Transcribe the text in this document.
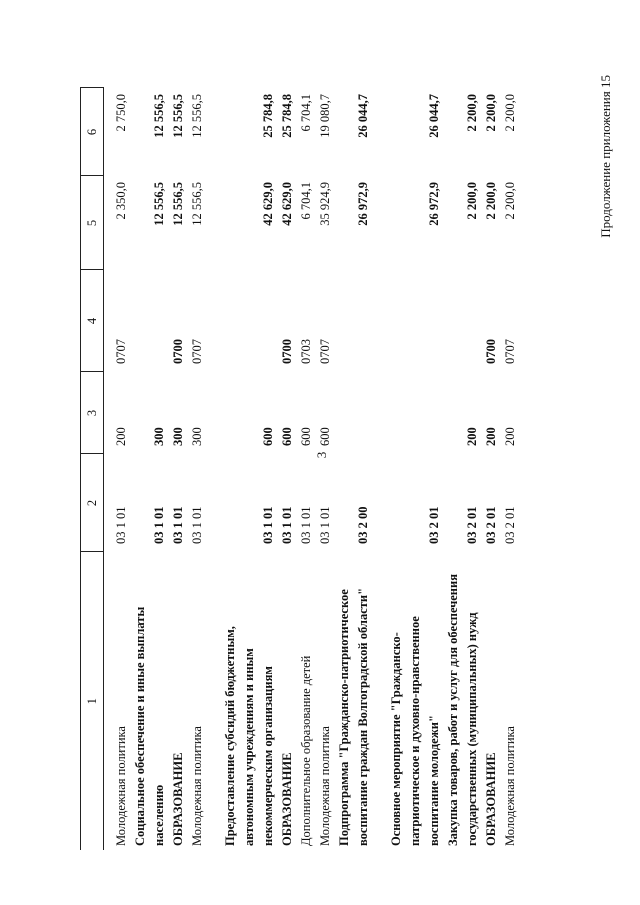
3
Продолжение приложения 15
1	2	3	4	5	6
Молодежная политика	03 1 01	200	0707	2 350,0	2 750,0
Социальное обеспечение и иные выплаты населению	03 1 01	300		12 556,5	12 556,5
ОБРАЗОВАНИЕ	03 1 01	300	0700	12 556,5	12 556,5
Молодежная политика	03 1 01	300	0707	12 556,5	12 556,5

Предоставление субсидий бюджетным, автономным учреждениям и иным некоммерческим организациям	03 1 01	600		42 629,0	25 784,8
ОБРАЗОВАНИЕ	03 1 01	600	0700	42 629,0	25 784,8
Дополнительное образование детей	03 1 01	600	0703	6 704,1	6 704,1
Молодежная политика	03 1 01	600	0707	35 924,9	19 080,7
Подпрограмма "Гражданско-патриотическое воспитание граждан Волгоградской области"	03 2 00			26 972,9	26 044,7

Основное мероприятие "Гражданско-патриотическое и духовно-нравственное воспитание молодежи"	03 2 01			26 972,9	26 044,7
Закупка товаров, работ и услуг для обеспечения государственных (муниципальных) нужд	03 2 01	200		2 200,0	2 200,0
ОБРАЗОВАНИЕ	03 2 01	200	0700	2 200,0	2 200,0
Молодежная политика	03 2 01	200	0707	2 200,0	2 200,0
